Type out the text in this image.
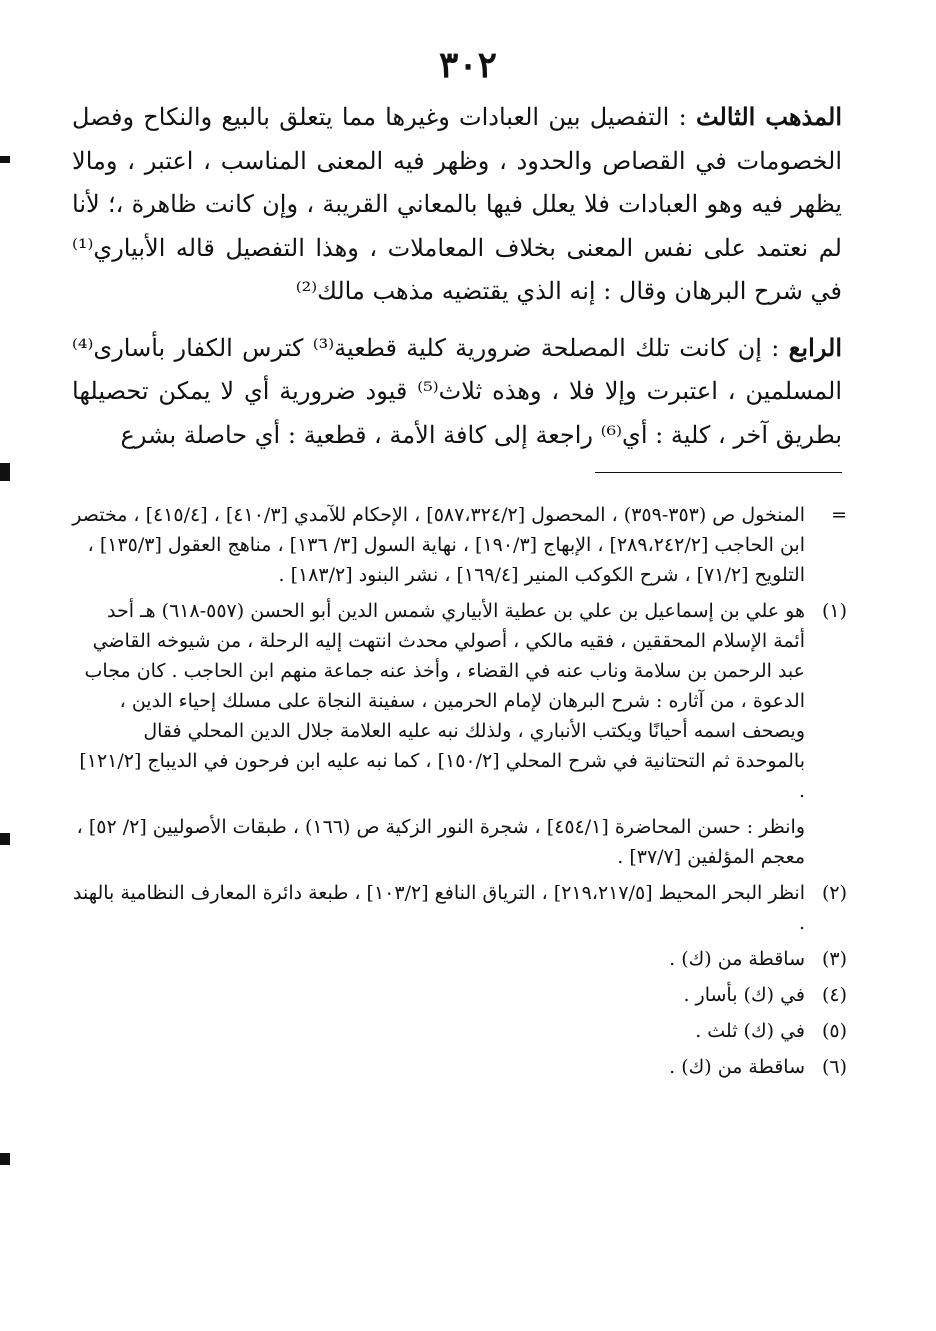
٣٠٢

المذهب الثالث : التفصيل بين العبادات وغيرها مما يتعلق بالبيع والنكاح وفصل الخصومات في القصاص والحدود ، وظهر فيه المعنى المناسب ، اعتبر ، ومالا يظهر فيه وهو العبادات فلا يعلل فيها بالمعاني القريبة ، وإن كانت ظاهرة ،؛ لأنا لم نعتمد على نفس المعنى بخلاف المعاملات ، وهذا التفصيل قاله الأبياري⁽¹⁾ في شرح البرهان وقال : إنه الذي يقتضيه مذهب مالك⁽²⁾

الرابع : إن كانت تلك المصلحة ضرورية كلية قطعية⁽³⁾ كترس الكفار بأسارى⁽⁴⁾ المسلمين ، اعتبرت وإلا فلا ، وهذه ثلاث⁽⁵⁾ قيود ضرورية أي لا يمكن تحصيلها بطريق آخر ، كلية : أي⁽⁶⁾ راجعة إلى كافة الأمة ، قطعية : أي حاصلة بشرع

=

المنخول ص (٣٥٣-٣٥٩) ، المحصول [٥٨٧،٣٢٤/٢] ، الإحكام للآمدي [٤١٠/٣] ، [٤١٥/٤] ، مختصر ابن الحاجب [٢٨٩،٢٤٢/٢] ، الإبهاج [١٩٠/٣] ، نهاية السول [٣/ ١٣٦] ، مناهج العقول [١٣٥/٣] ، التلويح [٧١/٢] ، شرح الكوكب المنير [١٦٩/٤] ، نشر البنود [١٨٣/٢] .

(١)

هو علي بن إسماعيل بن علي بن عطية الأبياري شمس الدين أبو الحسن (٥٥٧-٦١٨) هـ أحد أئمة الإسلام المحققين ، فقيه مالكي ، أصولي محدث انتهت إليه الرحلة ، من شيوخه القاضي عبد الرحمن بن سلامة وناب عنه في القضاء ، وأخذ عنه جماعة منهم ابن الحاجب . كان مجاب الدعوة ، من آثاره : شرح البرهان لإمام الحرمين ، سفينة النجاة على مسلك إحياء الدين ، ويصحف اسمه أحيانًا ويكتب الأنباري ، ولذلك نبه عليه العلامة جلال الدين المحلي فقال بالموحدة ثم التحتانية في شرح المحلي [١٥٠/٢] ، كما نبه عليه ابن فرحون في الديباج [١٢١/٢] .

وانظر : حسن المحاضرة [٤٥٤/١] ، شجرة النور الزكية ص (١٦٦) ، طبقات الأصوليين [٢/ ٥٢] ، معجم المؤلفين [٣٧/٧] .

(٢)

انظر البحر المحيط [٢١٩،٢١٧/٥] ، الترياق النافع [١٠٣/٢] ، طبعة دائرة المعارف النظامية بالهند .

(٣)

ساقطة من (ك) .

(٤)

في (ك) بأسار .

(٥)

في (ك) ثلث .

(٦)

ساقطة من (ك) .
